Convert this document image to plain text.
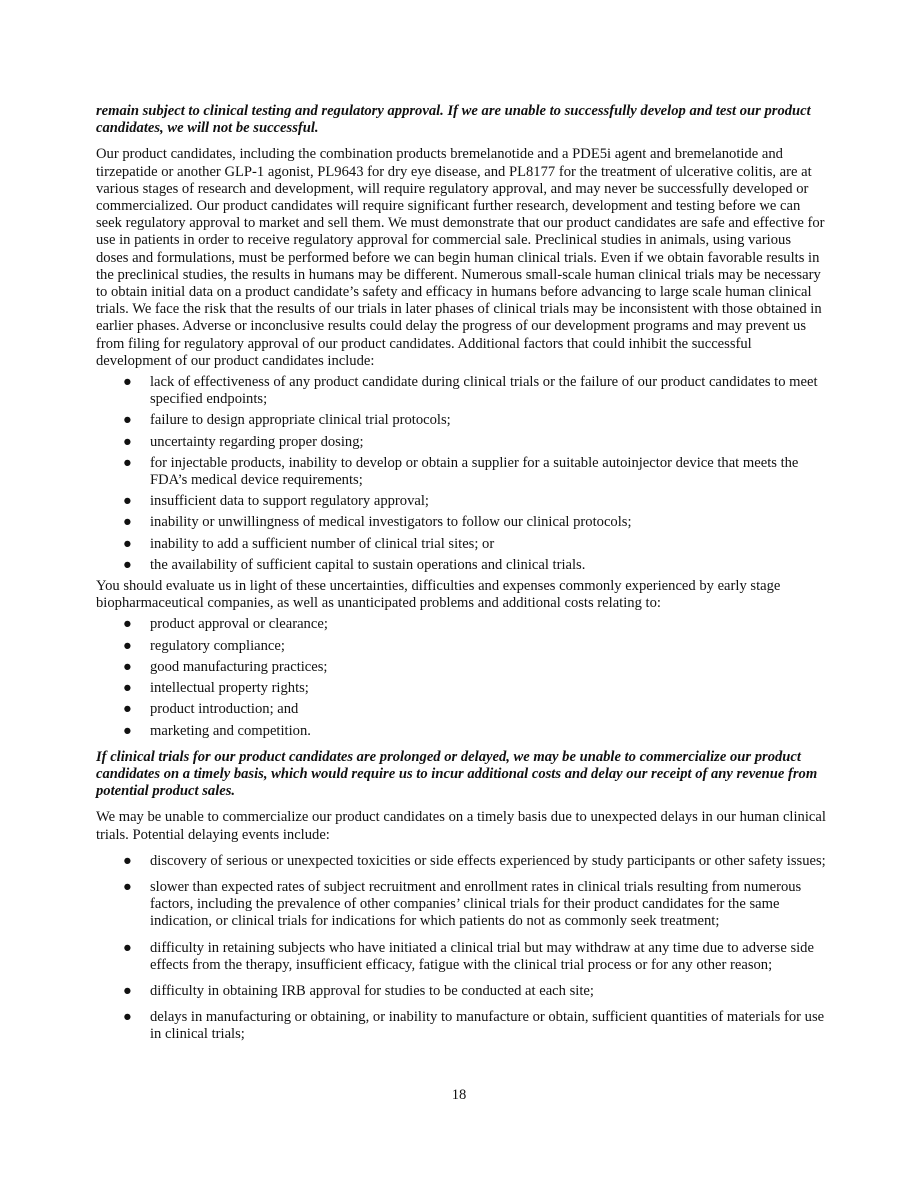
remain subject to clinical testing and regulatory approval. If we are unable to successfully develop and test our product candidates, we will not be successful.

Our product candidates, including the combination products bremelanotide and a PDE5i agent and bremelanotide and tirzepatide or another GLP-1 agonist, PL9643 for dry eye disease, and PL8177 for the treatment of ulcerative colitis, are at various stages of research and development, will require regulatory approval, and may never be successfully developed or commercialized. Our product candidates will require significant further research, development and testing before we can seek regulatory approval to market and sell them. We must demonstrate that our product candidates are safe and effective for use in patients in order to receive regulatory approval for commercial sale. Preclinical studies in animals, using various doses and formulations, must be performed before we can begin human clinical trials. Even if we obtain favorable results in the preclinical studies, the results in humans may be different. Numerous small-scale human clinical trials may be necessary to obtain initial data on a product candidate’s safety and efficacy in humans before advancing to large scale human clinical trials. We face the risk that the results of our trials in later phases of clinical trials may be inconsistent with those obtained in earlier phases. Adverse or inconclusive results could delay the progress of our development programs and may prevent us from filing for regulatory approval of our product candidates. Additional factors that could inhibit the successful development of our product candidates include:

● lack of effectiveness of any product candidate during clinical trials or the failure of our product candidates to meet specified endpoints;
● failure to design appropriate clinical trial protocols;
● uncertainty regarding proper dosing;
● for injectable products, inability to develop or obtain a supplier for a suitable autoinjector device that meets the FDA’s medical device requirements;
● insufficient data to support regulatory approval;
● inability or unwillingness of medical investigators to follow our clinical protocols;
● inability to add a sufficient number of clinical trial sites; or
● the availability of sufficient capital to sustain operations and clinical trials.

You should evaluate us in light of these uncertainties, difficulties and expenses commonly experienced by early stage biopharmaceutical companies, as well as unanticipated problems and additional costs relating to:

● product approval or clearance;
● regulatory compliance;
● good manufacturing practices;
● intellectual property rights;
● product introduction; and
● marketing and competition.

If clinical trials for our product candidates are prolonged or delayed, we may be unable to commercialize our product candidates on a timely basis, which would require us to incur additional costs and delay our receipt of any revenue from potential product sales.

We may be unable to commercialize our product candidates on a timely basis due to unexpected delays in our human clinical trials. Potential delaying events include:

● discovery of serious or unexpected toxicities or side effects experienced by study participants or other safety issues;
● slower than expected rates of subject recruitment and enrollment rates in clinical trials resulting from numerous factors, including the prevalence of other companies’ clinical trials for their product candidates for the same indication, or clinical trials for indications for which patients do not as commonly seek treatment;
● difficulty in retaining subjects who have initiated a clinical trial but may withdraw at any time due to adverse side effects from the therapy, insufficient efficacy, fatigue with the clinical trial process or for any other reason;
● difficulty in obtaining IRB approval for studies to be conducted at each site;
● delays in manufacturing or obtaining, or inability to manufacture or obtain, sufficient quantities of materials for use in clinical trials;
18
